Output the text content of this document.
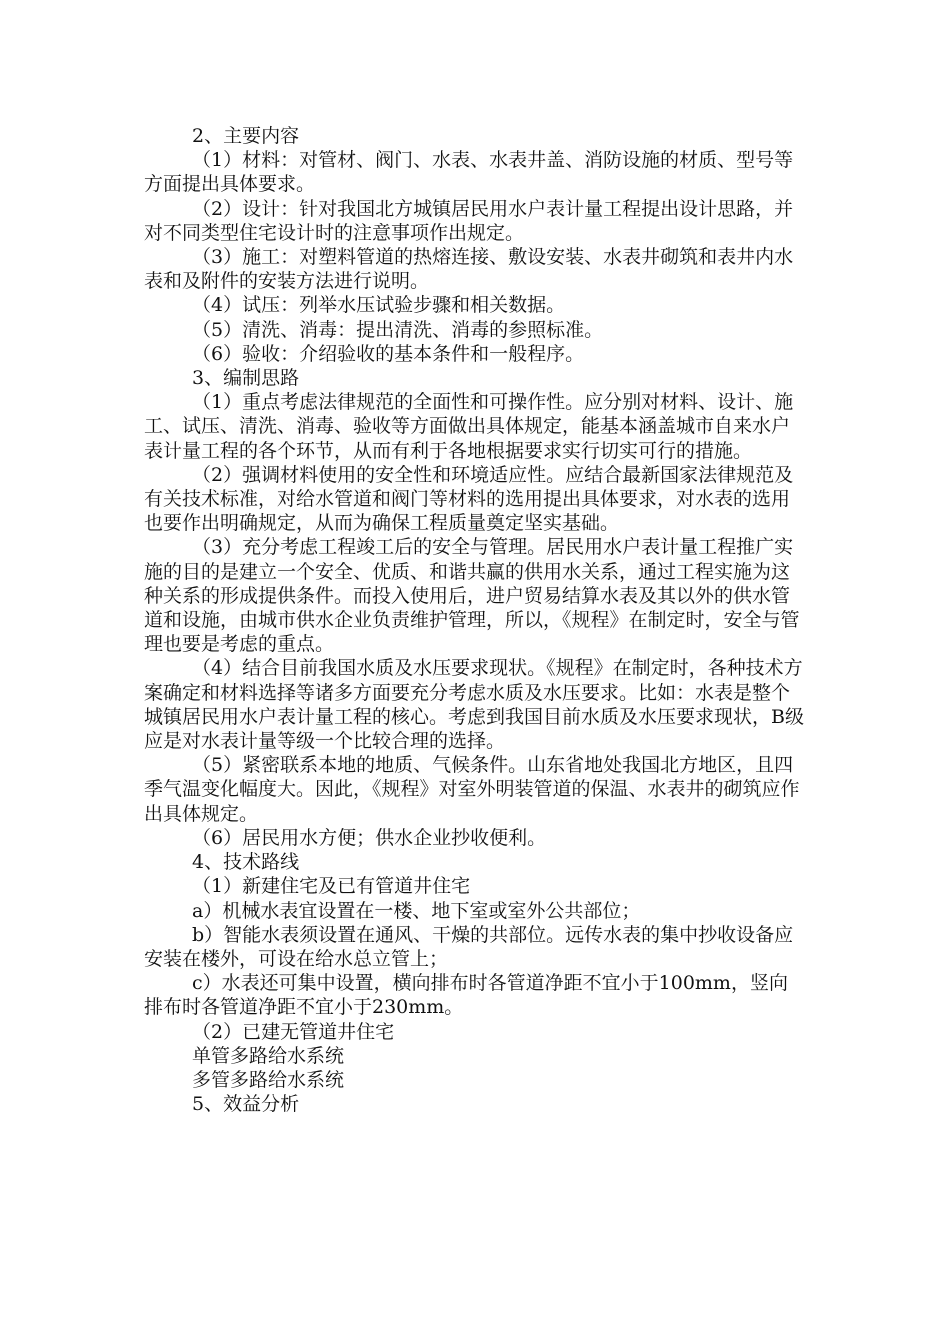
2、主要内容

（1）材料：对管材、阀门、水表、水表井盖、消防设施的材质、型号等方面提出具体要求。

（2）设计：针对我国北方城镇居民用水户表计量工程提出设计思路，并对不同类型住宅设计时的注意事项作出规定。

（3）施工：对塑料管道的热熔连接、敷设安装、水表井砌筑和表井内水表和及附件的安装方法进行说明。

（4）试压：列举水压试验步骤和相关数据。

（5）清洗、消毒：提出清洗、消毒的参照标准。

（6）验收：介绍验收的基本条件和一般程序。

3、编制思路

（1）重点考虑法律规范的全面性和可操作性。应分别对材料、设计、施工、试压、清洗、消毒、验收等方面做出具体规定，能基本涵盖城市自来水户表计量工程的各个环节，从而有利于各地根据要求实行切实可行的措施。

（2）强调材料使用的安全性和环境适应性。应结合最新国家法律规范及有关技术标准，对给水管道和阀门等材料的选用提出具体要求，对水表的选用也要作出明确规定，从而为确保工程质量奠定坚实基础。

（3）充分考虑工程竣工后的安全与管理。居民用水户表计量工程推广实施的目的是建立一个安全、优质、和谐共赢的供用水关系，通过工程实施为这种关系的形成提供条件。而投入使用后，进户贸易结算水表及其以外的供水管道和设施，由城市供水企业负责维护管理，所以，《规程》在制定时，安全与管理也要是考虑的重点。

（4）结合目前我国水质及水压要求现状。《规程》在制定时，各种技术方案确定和材料选择等诸多方面要充分考虑水质及水压要求。比如：水表是整个城镇居民用水户表计量工程的核心。考虑到我国目前水质及水压要求现状，B级应是对水表计量等级一个比较合理的选择。

（5）紧密联系本地的地质、气候条件。山东省地处我国北方地区，且四季气温变化幅度大。因此，《规程》对室外明装管道的保温、水表井的砌筑应作出具体规定。

（6）居民用水方便；供水企业抄收便利。

4、技术路线

（1）新建住宅及已有管道井住宅

a）机械水表宜设置在一楼、地下室或室外公共部位；

b）智能水表须设置在通风、干燥的共部位。远传水表的集中抄收设备应安装在楼外，可设在给水总立管上；

c）水表还可集中设置，横向排布时各管道净距不宜小于100mm，竖向排布时各管道净距不宜小于230mm。

（2）已建无管道井住宅

单管多路给水系统

多管多路给水系统

5、效益分析
